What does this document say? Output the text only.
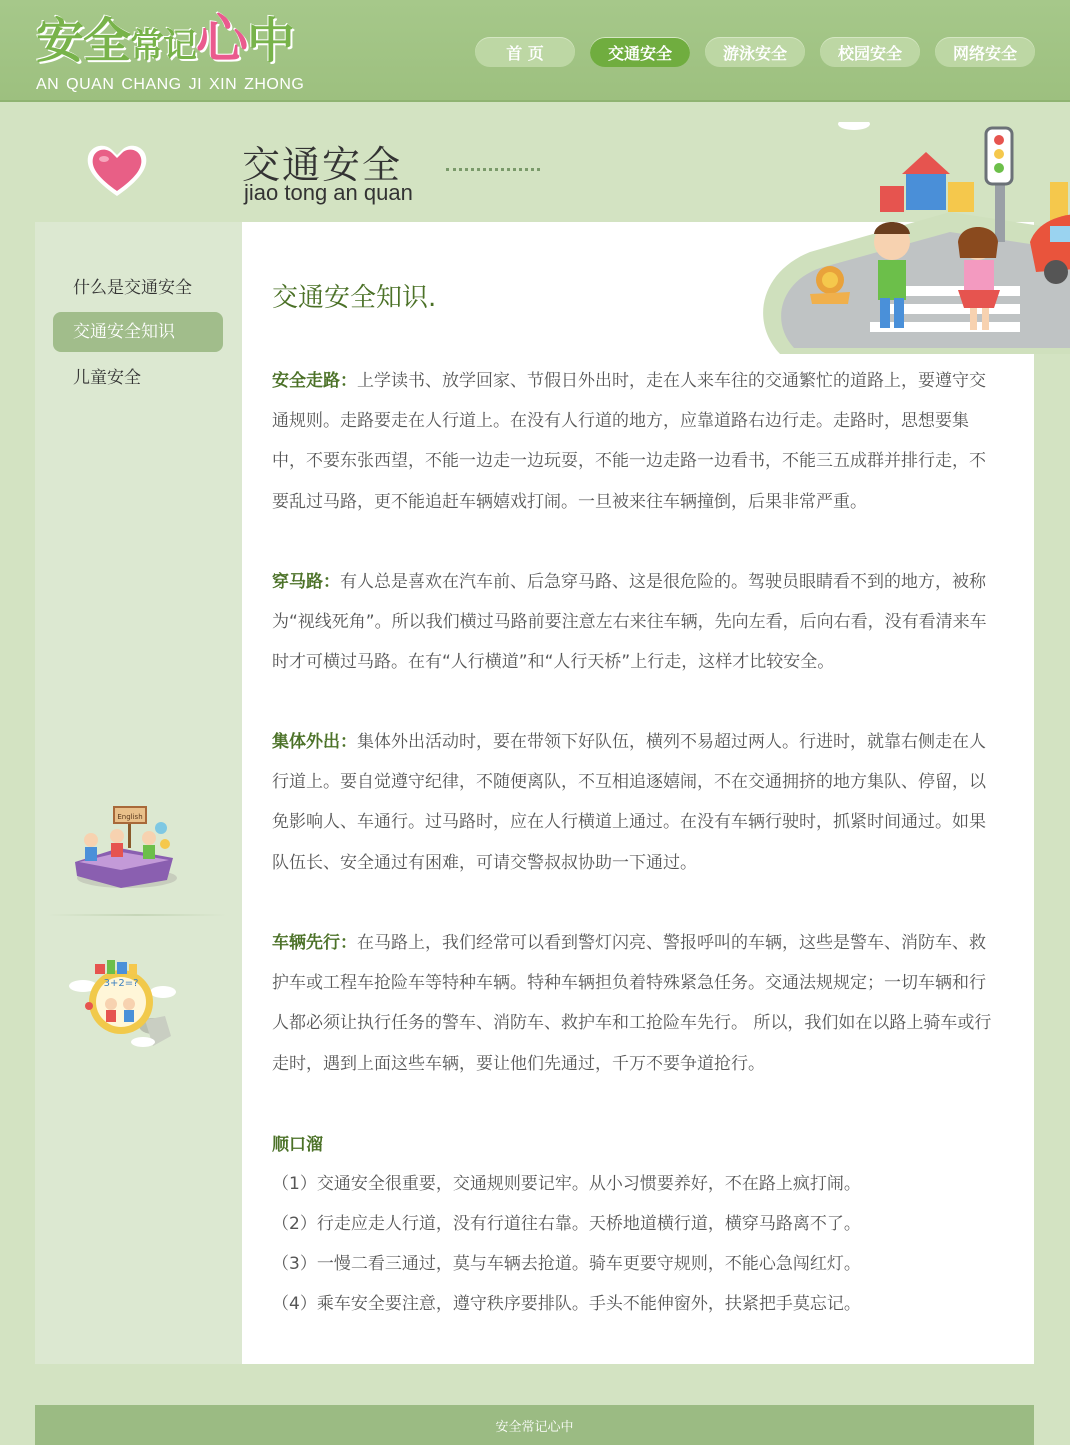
安全常记心中
AN QUAN CHANG JI XIN ZHONG
首 页	交通安全	游泳安全	校园安全	网络安全
交通安全
jiao tong an quan
什么是交通安全
交通安全知识
儿童安全
English
3+2=?
交通安全知识.
安全走路：上学读书、放学回家、节假日外出时，走在人来车往的交通繁忙的道路上，要遵守交通规则。走路要走在人行道上。在没有人行道的地方，应靠道路右边行走。走路时，思想要集中，不要东张西望，不能一边走一边玩耍，不能一边走路一边看书，不能三五成群并排行走，不要乱过马路，更不能追赶车辆嬉戏打闹。一旦被来往车辆撞倒，后果非常严重。
穿马路：有人总是喜欢在汽车前、后急穿马路、这是很危险的。驾驶员眼睛看不到的地方，被称为“视线死角”。所以我们横过马路前要注意左右来往车辆，先向左看，后向右看，没有看清来车时才可横过马路。在有“人行横道”和“人行天桥”上行走，这样才比较安全。
集体外出：集体外出活动时，要在带领下好队伍，横列不易超过两人。行进时，就靠右侧走在人行道上。要自觉遵守纪律，不随便离队，不互相追逐嬉闹，不在交通拥挤的地方集队、停留，以免影响人、车通行。过马路时，应在人行横道上通过。在没有车辆行驶时，抓紧时间通过。如果队伍长、安全通过有困难，可请交警叔叔协助一下通过。
车辆先行：在马路上，我们经常可以看到警灯闪亮、警报呼叫的车辆，这些是警车、消防车、救护车或工程车抢险车等特种车辆。特种车辆担负着特殊紧急任务。交通法规规定；一切车辆和行人都必须让执行任务的警车、消防车、救护车和工抢险车先行。 所以，我们如在以路上骑车或行走时，遇到上面这些车辆，要让他们先通过，千万不要争道抢行。
顺口溜
（1）交通安全很重要，交通规则要记牢。从小习惯要养好，不在路上疯打闹。
（2）行走应走人行道，没有行道往右靠。天桥地道横行道，横穿马路离不了。
（3）一慢二看三通过，莫与车辆去抢道。骑车更要守规则，不能心急闯红灯。
（4）乘车安全要注意，遵守秩序要排队。手头不能伸窗外，扶紧把手莫忘记。
安全常记心中
